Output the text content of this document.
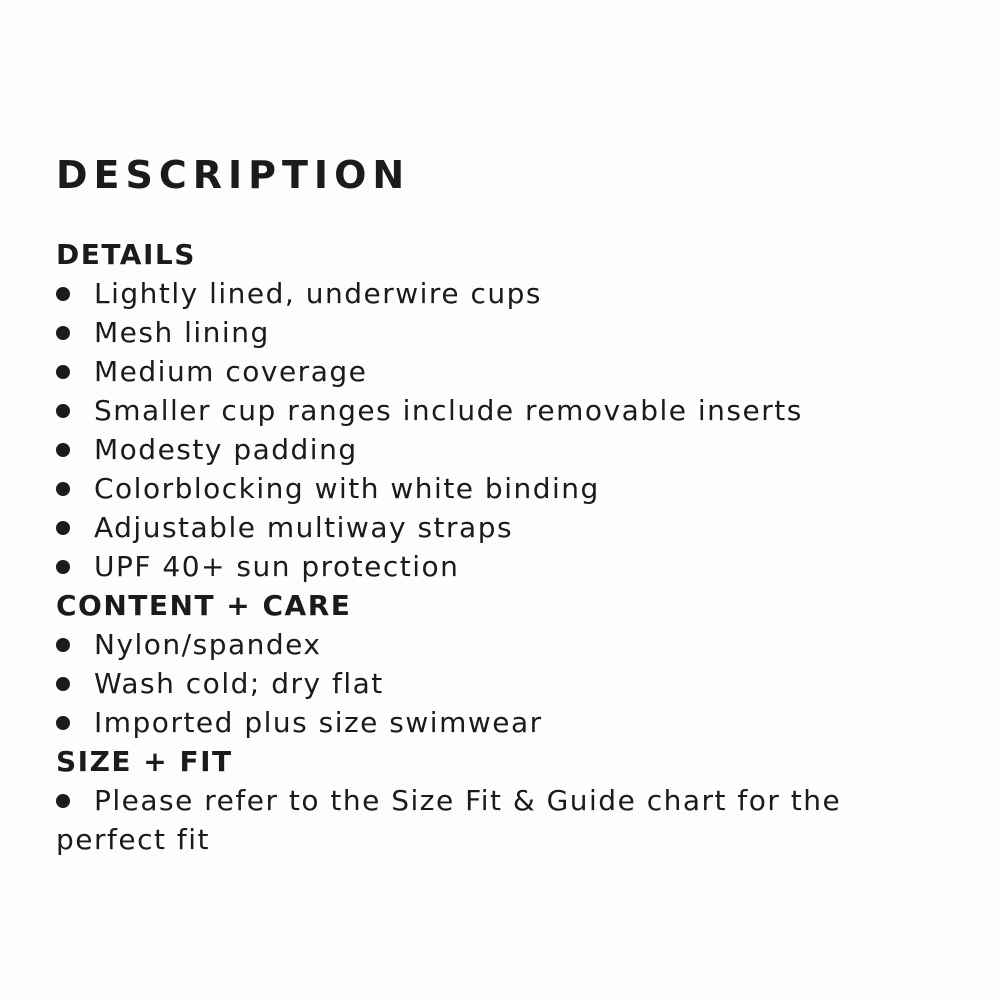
DESCRIPTION
DETAILS
Lightly lined, underwire cups
Mesh lining
Medium coverage
Smaller cup ranges include removable inserts
Modesty padding
Colorblocking with white binding
Adjustable multiway straps
UPF 40+ sun protection
CONTENT + CARE
Nylon/spandex
Wash cold; dry flat
Imported plus size swimwear
SIZE + FIT
Please refer to the Size Fit & Guide chart for the perfect fit
